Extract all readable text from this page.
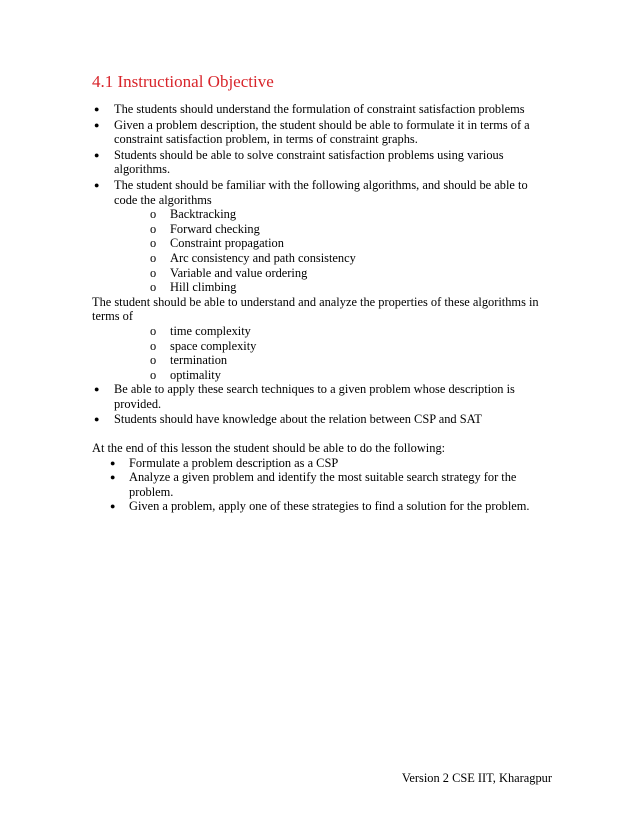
4.1 Instructional Objective
● The students should understand the formulation of constraint satisfaction problems
● Given a problem description, the student should be able to formulate it in terms of a constraint satisfaction problem, in terms of constraint graphs.
● Students should be able to solve constraint satisfaction problems using various algorithms.
● The student should be familiar with the following algorithms, and should be able to code the algorithms
o Backtracking
o Forward checking
o Constraint propagation
o Arc consistency and path consistency
o Variable and value ordering
o Hill climbing

The student should be able to understand and analyze the properties of these algorithms in terms of

o time complexity
o space complexity
o termination
o optimality
● Be able to apply these search techniques to a given problem whose description is provided.
● Students should have knowledge about the relation between CSP and SAT

At the end of this lesson the student should be able to do the following:

● Formulate a problem description as a CSP
● Analyze a given problem and identify the most suitable search strategy for the problem.
● Given a problem, apply one of these strategies to find a solution for the problem.

Version 2 CSE IIT, Kharagpur
